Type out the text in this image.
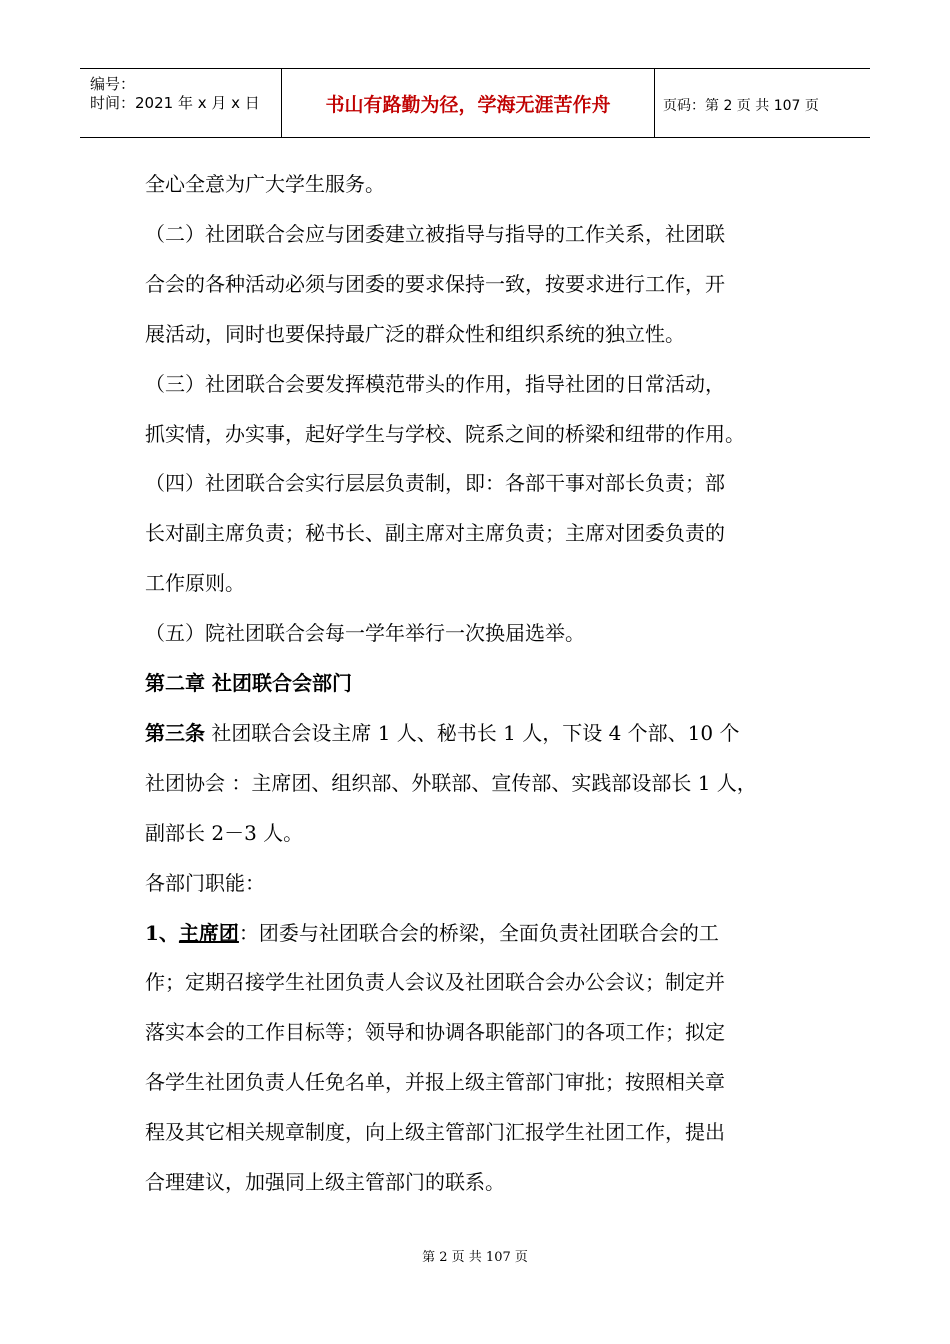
编号：
时间：2021 年 x 月 x 日	书山有路勤为径，学海无涯苦作舟	页码：第 2 页 共 107 页
全心全意为广大学生服务。
（二）社团联合会应与团委建立被指导与指导的工作关系，社团联
合会的各种活动必须与团委的要求保持一致，按要求进行工作，开
展活动，同时也要保持最广泛的群众性和组织系统的独立性。
（三）社团联合会要发挥模范带头的作用，指导社团的日常活动，
抓实情，办实事，起好学生与学校、院系之间的桥梁和纽带的作用。
（四）社团联合会实行层层负责制，即：各部干事对部长负责；部
长对副主席负责；秘书长、副主席对主席负责；主席对团委负责的
工作原则。
（五）院社团联合会每一学年举行一次换届选举。
第二章 社团联合会部门
第三条 社团联合会设主席 1 人、秘书长 1 人，下设 4 个部、10 个
社团协会 ：主席团、组织部、外联部、宣传部、实践部设部长 1 人，
副部长 2－3 人。
各部门职能：
1、主席团：团委与社团联合会的桥梁，全面负责社团联合会的工
作；定期召接学生社团负责人会议及社团联合会办公会议；制定并
落实本会的工作目标等；领导和协调各职能部门的各项工作；拟定
各学生社团负责人任免名单，并报上级主管部门审批；按照相关章
程及其它相关规章制度，向上级主管部门汇报学生社团工作，提出
合理建议，加强同上级主管部门的联系。
第 2 页 共 107 页
